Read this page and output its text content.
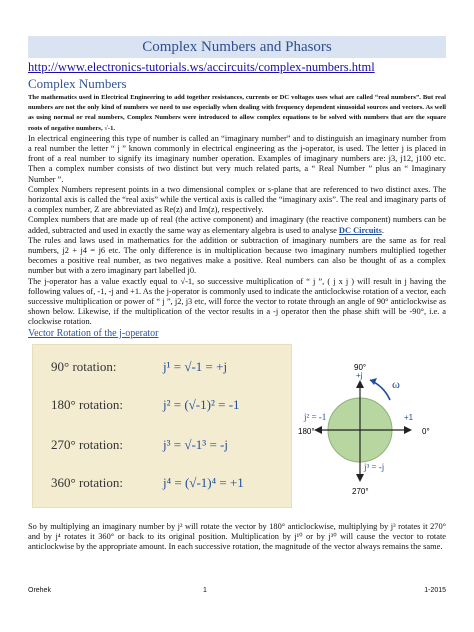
Complex Numbers and Phasors
http://www.electronics-tutorials.ws/accircuits/complex-numbers.html
Complex Numbers

The mathematics used in Electrical Engineering to add together resistances, currents or DC voltages uses what are called “real numbers”. But real numbers are not the only kind of numbers we need to use especially when dealing with frequency dependent sinusoidal sources and vectors. As well as using normal or real numbers, Complex Numbers were introduced to allow complex equations to be solved with numbers that are the square roots of negative numbers, √-1.

In electrical engineering this type of number is called an “imaginary number” and to distinguish an imaginary number from a real number the letter “ j ” known commonly in electrical engineering as the j-operator, is used. The letter j is placed in front of a real number to signify its imaginary number operation. Examples of imaginary numbers are: j3, j12, j100 etc. Then a complex number consists of two distinct but very much related parts, a “ Real Number ” plus an “ Imaginary Number ”.

Complex Numbers represent points in a two dimensional complex or s-plane that are referenced to two distinct axes. The horizontal axis is called the “real axis” while the vertical axis is called the “imaginary axis”. The real and imaginary parts of a complex number, Z are abbreviated as Re(z) and Im(z), respectively.

Complex numbers that are made up of real (the active component) and imaginary (the reactive component) numbers can be added, subtracted and used in exactly the same way as elementary algebra is used to analyse DC Circuits.

The rules and laws used in mathematics for the addition or subtraction of imaginary numbers are the same as for real numbers, j2 + j4 = j6 etc. The only difference is in multiplication because two imaginary numbers multiplied together becomes a positive real number, as two negatives make a positive. Real numbers can also be thought of as a complex number but with a zero imaginary part labelled j0.

The j-operator has a value exactly equal to √-1, so successive multiplication of “ j ”, ( j x j ) will result in j having the following values of, -1, -j and +1. As the j-operator is commonly used to indicate the anticlockwise rotation of a vector, each successive multiplication or power of “ j ”, j2, j3 etc, will force the vector to rotate through an angle of 90° anticlockwise as shown below. Likewise, if the multiplication of the vector results in a -j operator then the phase shift will be -90°, i.e. a clockwise rotation.

Vector Rotation of the j-operator
90° rotation:	j¹ = √-1 = +j
180° rotation:	j² = (√-1)² = -1
270° rotation:	j³ = √-1³ = -j
360° rotation:	j⁴ = (√-1)⁴ = +1
ω
90°
+j
j² = -1
180°
+1
0°
j³ = -j
270°

So by multiplying an imaginary number by j² will rotate the vector by 180° anticlockwise, multiplying by j³ rotates it 270° and by j⁴ rotates it 360° or back to its original position. Multiplication by j¹⁰ or by j³⁰ will cause the vector to rotate anticlockwise by the appropriate amount. In each successive rotation, the magnitude of the vector always remains the same.

Orehek	1	1-2015
